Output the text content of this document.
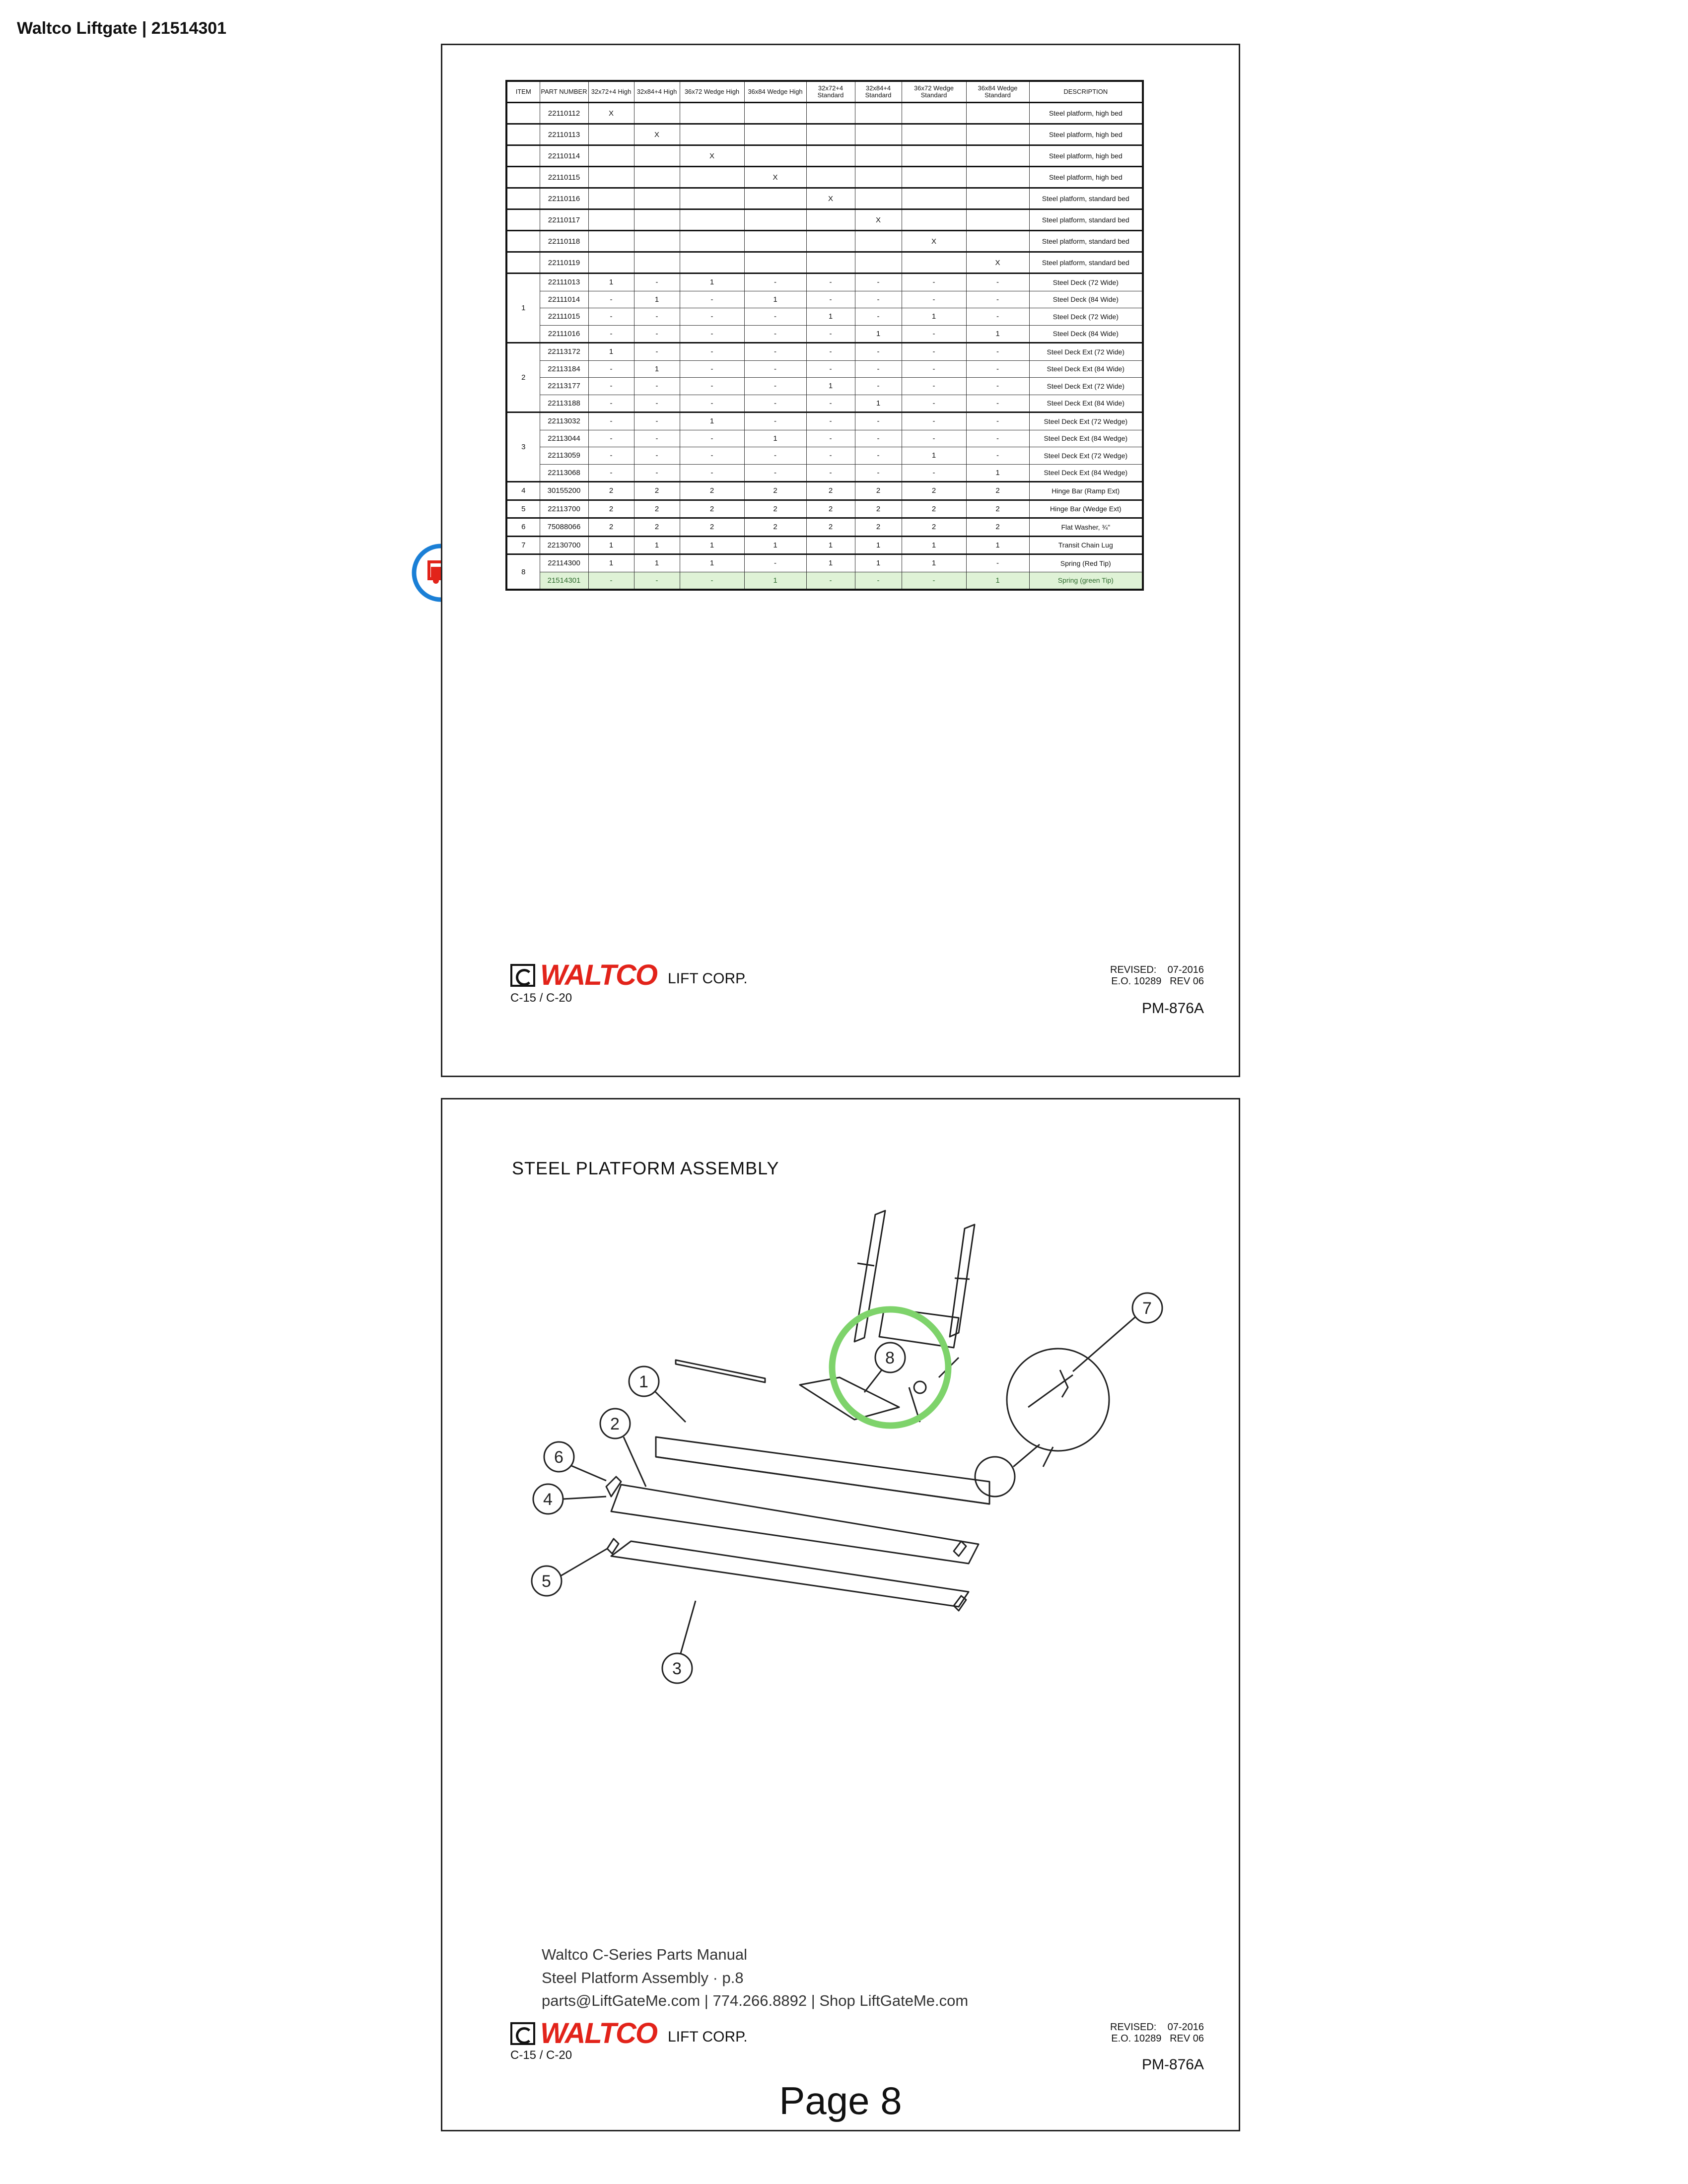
Waltco Liftgate | 21514301

ITEM	PART NUMBER	32x72+4 High	32x84+4 High	36x72 Wedge High	36x84 Wedge High	32x72+4 Standard	32x84+4 Standard	36x72 Wedge Standard	36x84 Wedge Standard	DESCRIPTION
	22110112	X								Steel platform, high bed
	22110113		X							Steel platform, high bed
	22110114			X						Steel platform, high bed
	22110115				X					Steel platform, high bed
	22110116					X				Steel platform, standard bed
	22110117						X			Steel platform, standard bed
	22110118							X		Steel platform, standard bed
	22110119								X	Steel platform, standard bed
1	22111013	1	-	1	-	-	-	-	-	Steel Deck (72 Wide)
	22111014	-	1	-	1	-	-	-	-	Steel Deck (84 Wide)
	22111015	-	-	-	-	1	-	1	-	Steel Deck (72 Wide)
	22111016	-	-	-	-	-	1	-	1	Steel Deck (84 Wide)
2	22113172	1	-	-	-	-	-	-	-	Steel Deck Ext (72 Wide)
	22113184	-	1	-	-	-	-	-	-	Steel Deck Ext (84 Wide)
	22113177	-	-	-	-	1	-	-	-	Steel Deck Ext (72 Wide)
	22113188	-	-	-	-	-	1	-	-	Steel Deck Ext (84 Wide)
3	22113032	-	-	1	-	-	-	-	-	Steel Deck Ext (72 Wedge)
	22113044	-	-	-	1	-	-	-	-	Steel Deck Ext (84 Wedge)
	22113059	-	-	-	-	-	-	1	-	Steel Deck Ext (72 Wedge)
	22113068	-	-	-	-	-	-	-	1	Steel Deck Ext (84 Wedge)
4	30155200	2	2	2	2	2	2	2	2	Hinge Bar (Ramp Ext)
5	22113700	2	2	2	2	2	2	2	2	Hinge Bar (Wedge Ext)
6	75088066	2	2	2	2	2	2	2	2	Flat Washer, ¾"
7	22130700	1	1	1	1	1	1	1	1	Transit Chain Lug
8	22114300	1	1	1	-	1	1	1	-	Spring (Red Tip)
	21514301	-	-	-	1	-	-	-	1	Spring (green Tip)
WALTCO LIFT CORP.
C-15 / C-20
REVISED: 07-2016
E.O. 10289 REV 06
PM-876A
STEEL PLATFORM ASSEMBLY
1
2
6
4
5
3
7
8
Waltco C-Series Parts Manual
Steel Platform Assembly · p.8
parts@LiftGateMe.com | 774.266.8892 | Shop LiftGateMe.com
WALTCO LIFT CORP.
C-15 / C-20
REVISED: 07-2016
E.O. 10289 REV 06
PM-876A
Page 8
